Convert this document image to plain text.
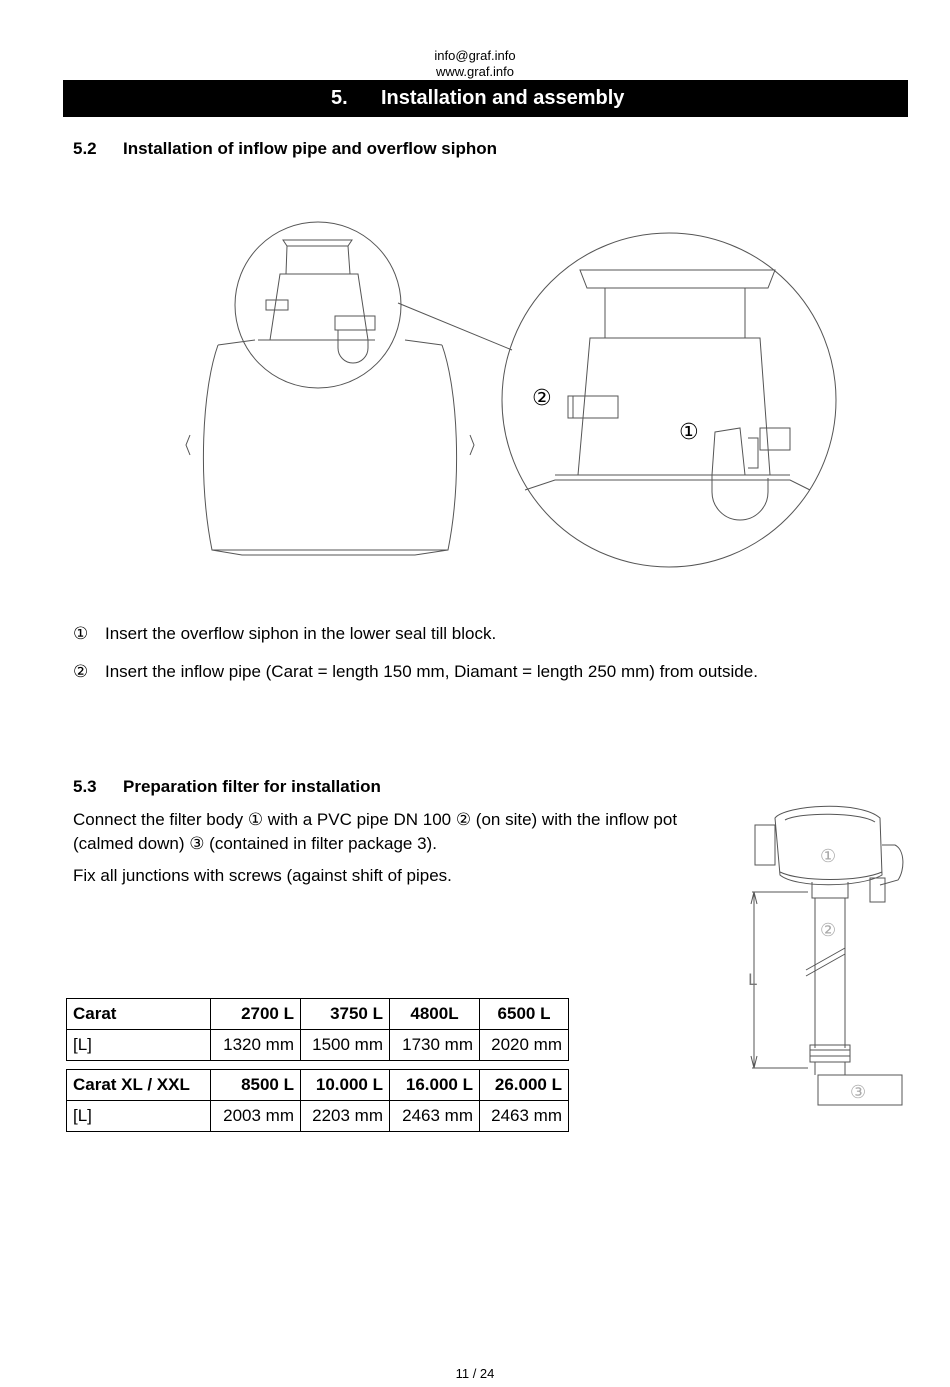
info@graf.info
www.graf.info
5. Installation and assembly
5.2 Installation of inflow pipe and overflow siphon
②
①
① Insert the overflow siphon in the lower seal till block.
② Insert the inflow pipe (Carat = length 150 mm, Diamant = length 250 mm) from outside.
5.3 Preparation filter for installation
Connect the filter body ① with a PVC pipe DN 100 ② (on site) with the inflow pot
(calmed down) ③ (contained in filter package 3).
Fix all junctions with screws (against shift of pipes.
L
①
②
③
Carat	2700 L	3750 L	4800L	6500 L
[L]	1320 mm	1500 mm	1730 mm	2020 mm
Carat XL / XXL	8500 L	10.000 L	16.000 L	26.000 L
[L]	2003 mm	2203 mm	2463 mm	2463 mm
11 / 24
